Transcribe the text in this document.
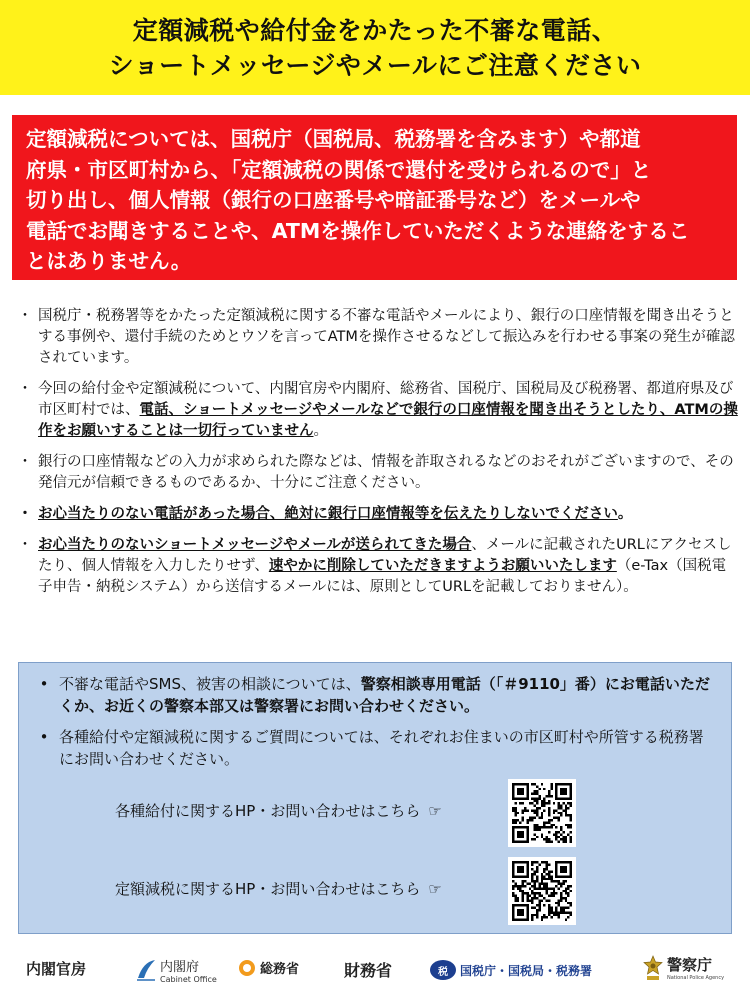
定額減税や給付金をかたった不審な電話、
ショートメッセージやメールにご注意ください
定額減税については、国税庁（国税局、税務署を含みます）や都道
府県・市区町村から、「定額減税の関係で還付を受けられるので」と
切り出し、個人情報（銀行の口座番号や暗証番号など）をメールや
電話でお聞きすることや、ATMを操作していただくような連絡をするこ
とはありません。
・ 国税庁・税務署等をかたった定額減税に関する不審な電話やメールにより、銀行の口座情報を聞き出そうとする事例や、還付手続のためとウソを言ってATMを操作させるなどして振込みを行わせる事案の発生が確認されています。
・ 今回の給付金や定額減税について、内閣官房や内閣府、総務省、国税庁、国税局及び税務署、都道府県及び市区町村では、電話、ショートメッセージやメールなどで銀行の口座情報を聞き出そうとしたり、ATMの操作をお願いすることは一切行っていません。
・ 銀行の口座情報などの入力が求められた際などは、情報を詐取されるなどのおそれがございますので、その発信元が信頼できるものであるか、十分にご注意ください。
・ お心当たりのない電話があった場合、絶対に銀行口座情報等を伝えたりしないでください。
・ お心当たりのないショートメッセージやメールが送られてきた場合、メールに記載されたURLにアクセスしたり、個人情報を入力したりせず、速やかに削除していただきますようお願いいたします（e-Tax（国税電子申告・納税システム）から送信するメールには、原則としてURLを記載しておりません）。
• 不審な電話やSMS、被害の相談については、警察相談専用電話（「＃9110」番）にお電話いただくか、お近くの警察本部又は警察署にお問い合わせください。
• 各種給付や定額減税に関するご質問については、それぞれお住まいの市区町村や所管する税務署にお問い合わせください。
各種給付に関するHP・お問い合わせはこちら ☞
定額減税に関するHP・お問い合わせはこちら ☞
内閣官房	内閣府
Cabinet Office
総務省	財務省	税	国税庁・国税局・税務署	警察庁
National Police Agency
